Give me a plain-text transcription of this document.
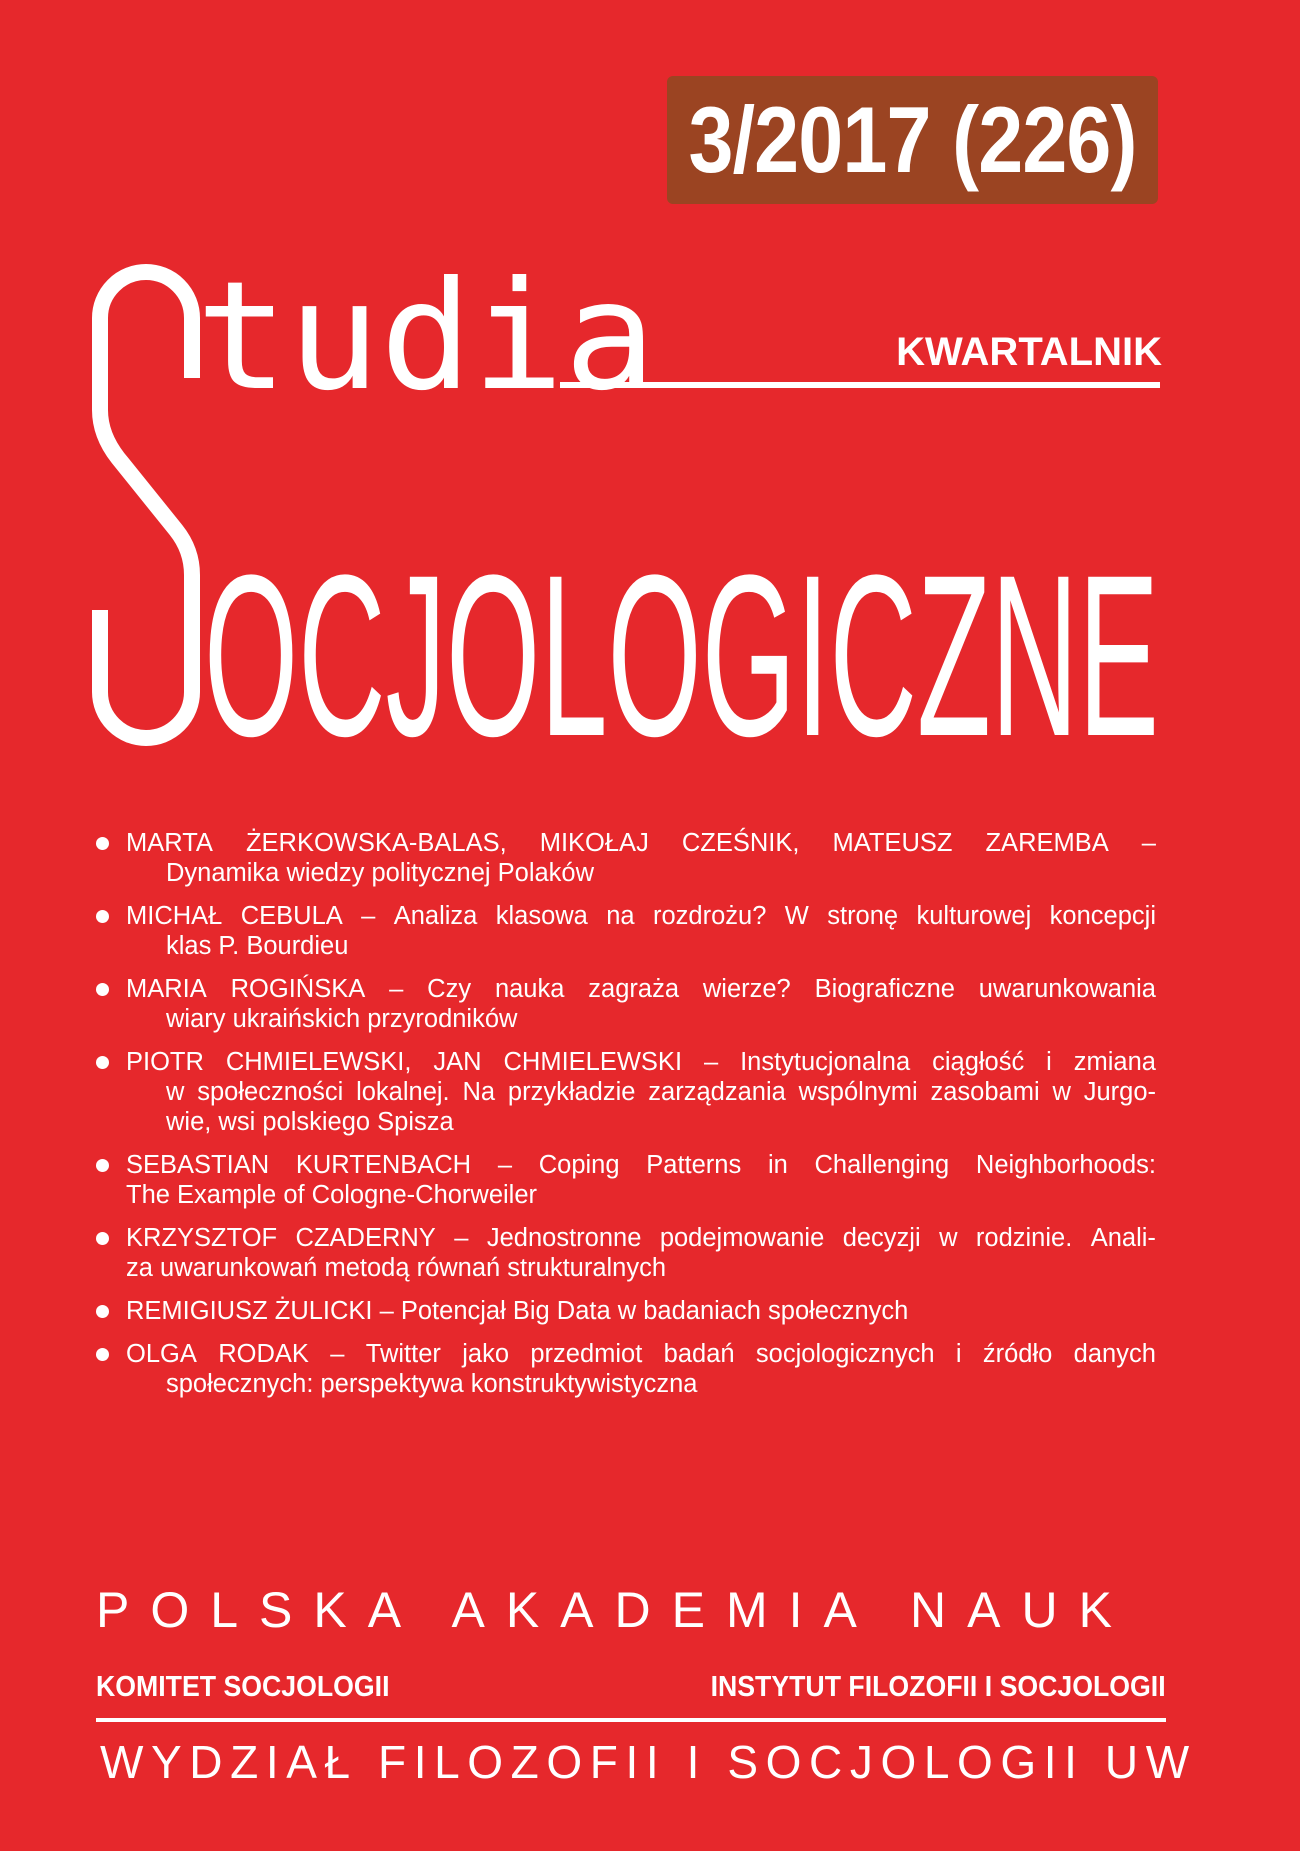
3/2017 (226)
tudia
OCJOLOGICZNE
KWARTALNIK
MARTA ŻERKOWSKA-BALAS, MIKOŁAJ CZEŚNIK, MATEUSZ ZAREMBA –
Dynamika wiedzy politycznej Polaków
MICHAŁ CEBULA – Analiza klasowa na rozdrożu? W stronę kulturowej koncepcji
klas P. Bourdieu
MARIA ROGIŃSKA – Czy nauka zagraża wierze? Biograficzne uwarunkowania
wiary ukraińskich przyrodników
PIOTR CHMIELEWSKI, JAN CHMIELEWSKI – Instytucjonalna ciągłość i zmiana
w społeczności lokalnej. Na przykładzie zarządzania wspólnymi zasobami w Jurgo-
wie, wsi polskiego Spisza
SEBASTIAN KURTENBACH – Coping Patterns in Challenging Neighborhoods:
The Example of Cologne-Chorweiler
KRZYSZTOF CZADERNY – Jednostronne podejmowanie decyzji w rodzinie. Anali-
za uwarunkowań metodą równań strukturalnych
REMIGIUSZ ŻULICKI – Potencjał Big Data w badaniach społecznych
OLGA RODAK – Twitter jako przedmiot badań socjologicznych i źródło danych
społecznych: perspektywa konstruktywistyczna
POLSKA AKADEMIA NAUK
KOMITET SOCJOLOGII	INSTYTUT FILOZOFII I SOCJOLOGII
WYDZIAŁ FILOZOFII I SOCJOLOGII UW
